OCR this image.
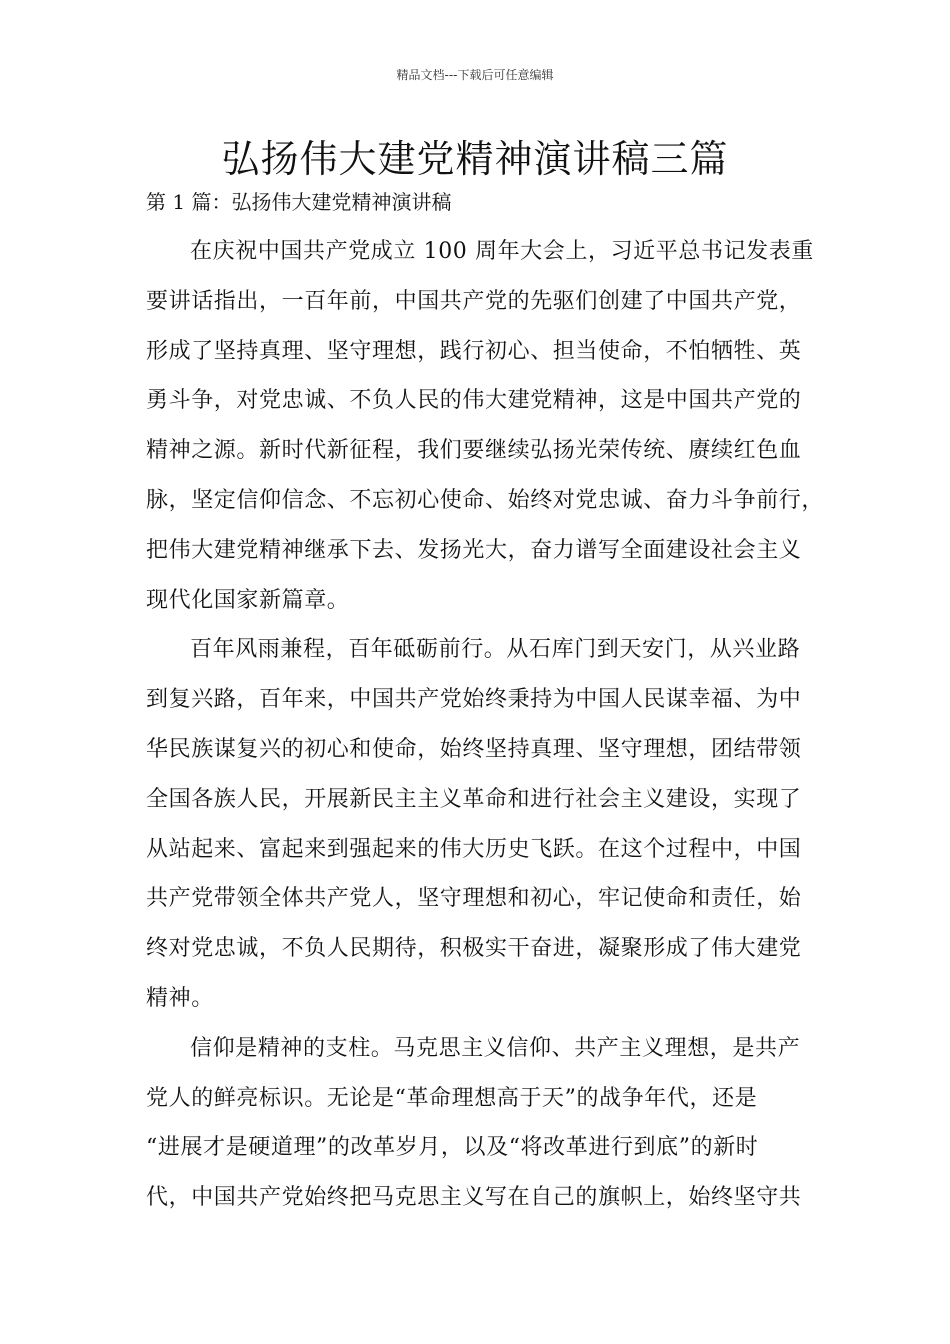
精品文档---下载后可任意编辑
弘扬伟大建党精神演讲稿三篇
第 1 篇：弘扬伟大建党精神演讲稿
在庆祝中国共产党成立 100 周年大会上，习近平总书记发表重
要讲话指出，一百年前，中国共产党的先驱们创建了中国共产党，
形成了坚持真理、坚守理想，践行初心、担当使命，不怕牺牲、英
勇斗争，对党忠诚、不负人民的伟大建党精神，这是中国共产党的
精神之源。新时代新征程，我们要继续弘扬光荣传统、赓续红色血
脉，坚定信仰信念、不忘初心使命、始终对党忠诚、奋力斗争前行，
把伟大建党精神继承下去、发扬光大，奋力谱写全面建设社会主义
现代化国家新篇章。
百年风雨兼程，百年砥砺前行。从石库门到天安门，从兴业路
到复兴路，百年来，中国共产党始终秉持为中国人民谋幸福、为中
华民族谋复兴的初心和使命，始终坚持真理、坚守理想，团结带领
全国各族人民，开展新民主主义革命和进行社会主义建设，实现了
从站起来、富起来到强起来的伟大历史飞跃。在这个过程中，中国
共产党带领全体共产党人，坚守理想和初心，牢记使命和责任，始
终对党忠诚，不负人民期待，积极实干奋进，凝聚形成了伟大建党
精神。
信仰是精神的支柱。马克思主义信仰、共产主义理想，是共产
党人的鲜亮标识。无论是“革命理想高于天”的战争年代，还是
“进展才是硬道理”的改革岁月，以及“将改革进行到底”的新时
代，中国共产党始终把马克思主义写在自己的旗帜上，始终坚守共
